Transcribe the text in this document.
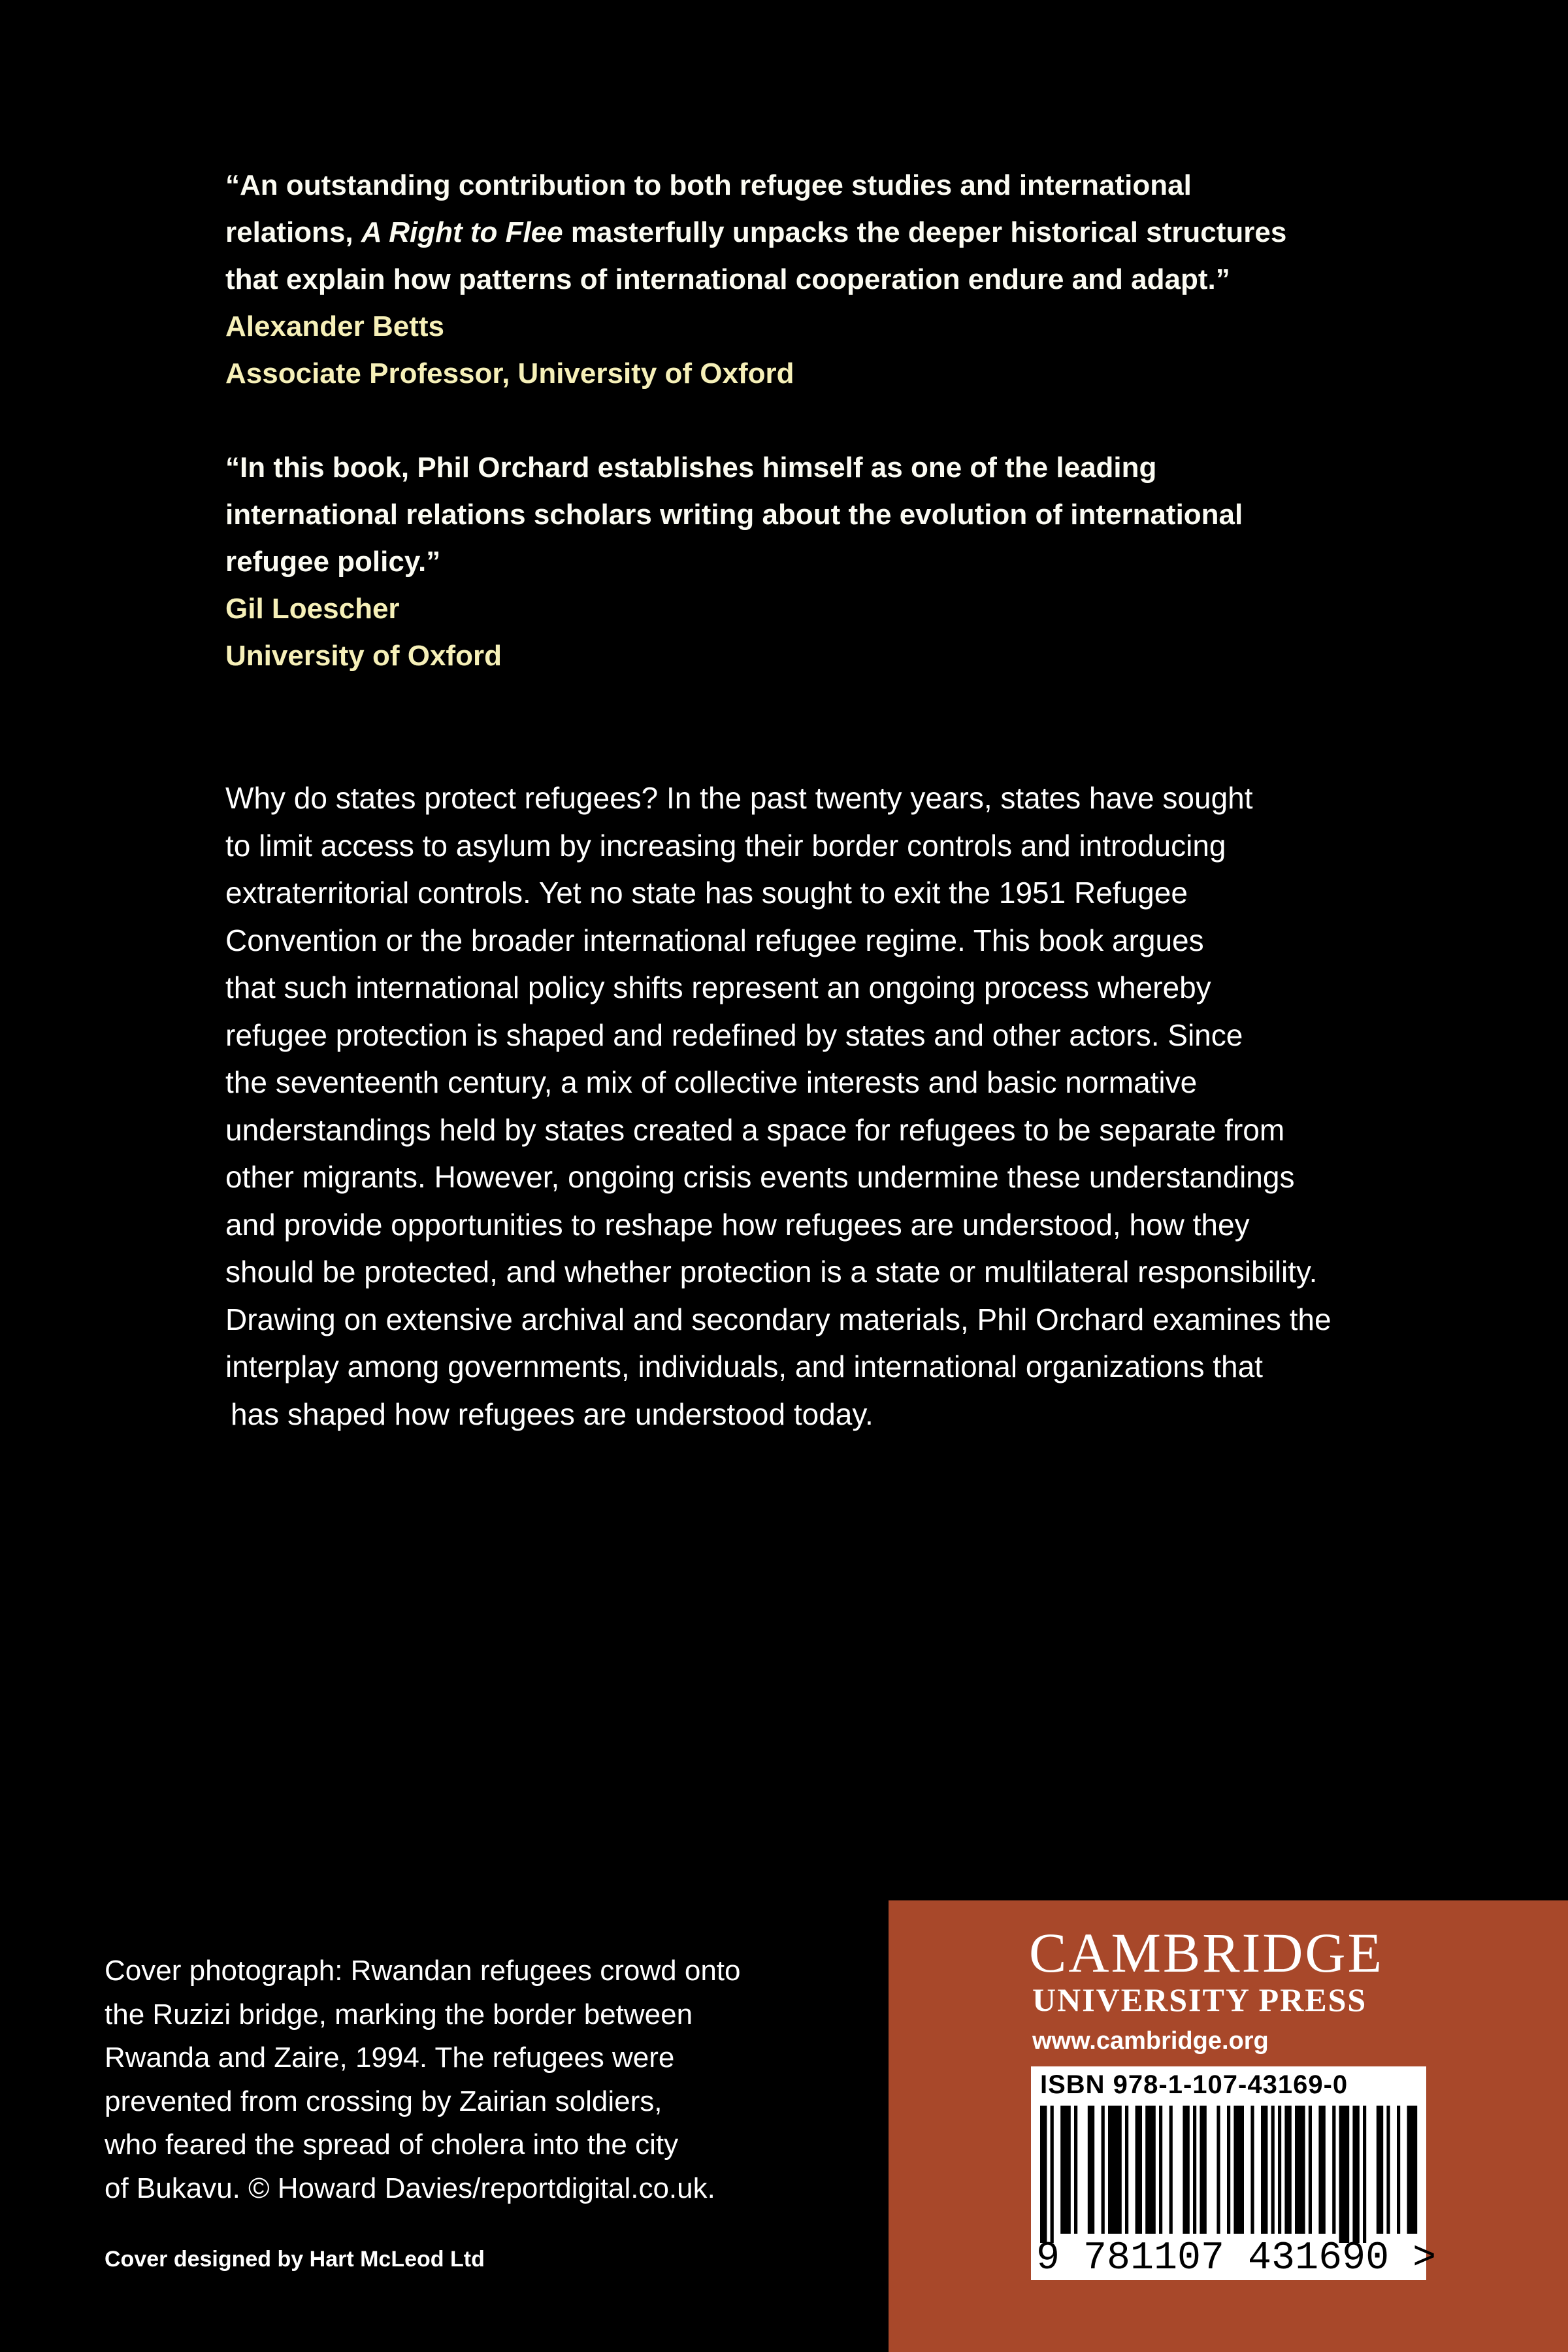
“An outstanding contribution to both refugee studies and international

relations, A Right to Flee masterfully unpacks the deeper historical structures

that explain how patterns of international cooperation endure and adapt.”

Alexander Betts

Associate Professor, University of Oxford

“In this book, Phil Orchard establishes himself as one of the leading

international relations scholars writing about the evolution of international

refugee policy.”

Gil Loescher

University of Oxford

Why do states protect refugees? In the past twenty years, states have sought

to limit access to asylum by increasing their border controls and introducing

extraterritorial controls. Yet no state has sought to exit the 1951 Refugee

Convention or the broader international refugee regime. This book argues

that such international policy shifts represent an ongoing process whereby

refugee protection is shaped and redefined by states and other actors. Since

the seventeenth century, a mix of collective interests and basic normative

understandings held by states created a space for refugees to be separate from

other migrants. However, ongoing crisis events undermine these understandings

and provide opportunities to reshape how refugees are understood, how they

should be protected, and whether protection is a state or multilateral responsibility.

Drawing on extensive archival and secondary materials, Phil Orchard examines the

interplay among governments, individuals, and international organizations that

has shaped how refugees are understood today.

Cover photograph: Rwandan refugees crowd onto

the Ruzizi bridge, marking the border between

Rwanda and Zaire, 1994. The refugees were

prevented from crossing by Zairian soldiers,

who feared the spread of cholera into the city

of Bukavu. © Howard Davies/reportdigital.co.uk.

Cover designed by Hart McLeod Ltd
CAMBRIDGE
UNIVERSITY PRESS
www.cambridge.org
ISBN 978-1-107-43169-0
9 781107 431690 >
